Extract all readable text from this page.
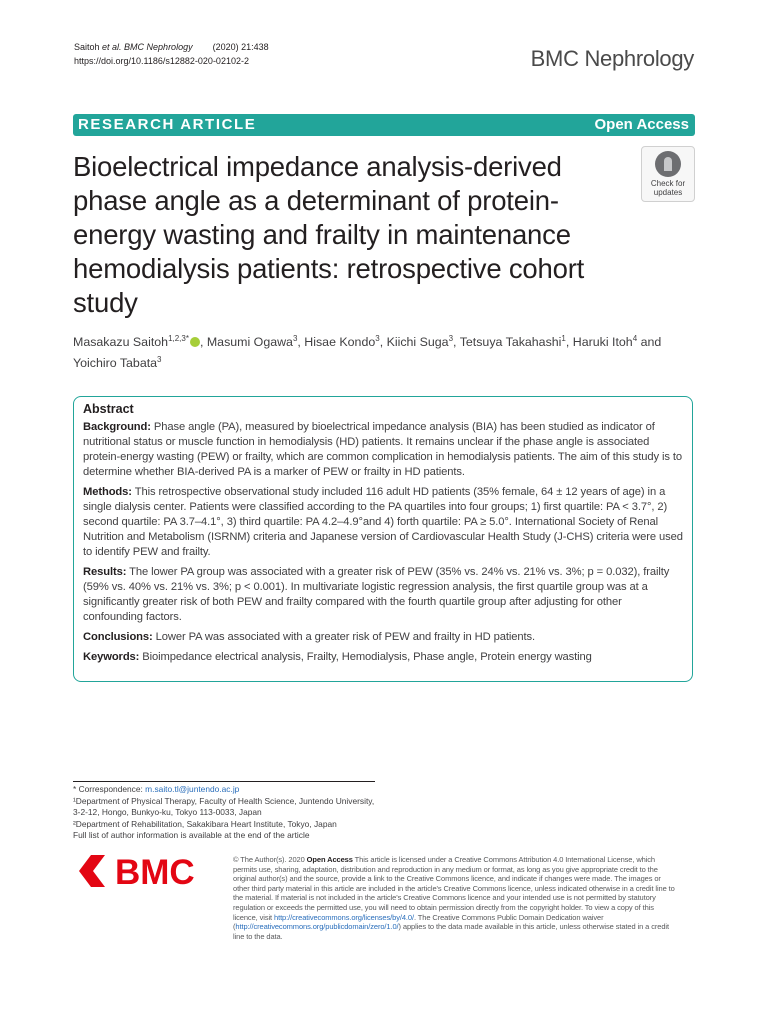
Saitoh et al. BMC Nephrology (2020) 21:438
https://doi.org/10.1186/s12882-020-02102-2	BMC Nephrology
RESEARCH ARTICLE	Open Access
Bioelectrical impedance analysis-derived phase angle as a determinant of protein-energy wasting and frailty in maintenance hemodialysis patients: retrospective cohort study
Check for
updates
Masakazu Saitoh$^{1,2,3*}$ , Masumi Ogawa$^3$, Hisae Kondo$^3$, Kiichi Suga$^3$, Tetsuya Takahashi$^1$, Haruki Itoh$^4$ and Yoichiro Tabata$^3$
Abstract
Background: Phase angle (PA), measured by bioelectrical impedance analysis (BIA) has been studied as indicator of nutritional status or muscle function in hemodialysis (HD) patients. It remains unclear if the phase angle is associated protein-energy wasting (PEW) or frailty, which are common complication in hemodialysis patients. The aim of this study is to determine whether BIA-derived PA is a marker of PEW or frailty in HD patients.
Methods: This retrospective observational study included 116 adult HD patients (35% female, 64 ± 12 years of age) in a single dialysis center. Patients were classified according to the PA quartiles into four groups; 1) first quartile: PA < 3.7°, 2) second quartile: PA 3.7–4.1°, 3) third quartile: PA 4.2–4.9°and 4) forth quartile: PA ≥ 5.0°. International Society of Renal Nutrition and Metabolism (ISRNM) criteria and Japanese version of Cardiovascular Health Study (J-CHS) criteria were used to identify PEW and frailty.
Results: The lower PA group was associated with a greater risk of PEW (35% vs. 24% vs. 21% vs. 3%; p = 0.032), frailty (59% vs. 40% vs. 21% vs. 3%; p < 0.001). In multivariate logistic regression analysis, the first quartile group was at a significantly greater risk of both PEW and frailty compared with the fourth quartile group after adjusting for other confounding factors.
Conclusions: Lower PA was associated with a greater risk of PEW and frailty in HD patients.
Keywords: Bioimpedance electrical analysis, Frailty, Hemodialysis, Phase angle, Protein energy wasting
* Correspondence: m.saito.tl@juntendo.ac.jp
¹Department of Physical Therapy, Faculty of Health Science, Juntendo University, 3-2-12, Hongo, Bunkyo-ku, Tokyo 113-0033, Japan
²Department of Rehabilitation, Sakakibara Heart Institute, Tokyo, Japan
Full list of author information is available at the end of the article
BMC	© The Author(s). 2020 Open Access This article is licensed under a Creative Commons Attribution 4.0 International License, which permits use, sharing, adaptation, distribution and reproduction in any medium or format, as long as you give appropriate credit to the original author(s) and the source, provide a link to the Creative Commons licence, and indicate if changes were made. The images or other third party material in this article are included in the article's Creative Commons licence, unless indicated otherwise in a credit line to the material. If material is not included in the article's Creative Commons licence and your intended use is not permitted by statutory regulation or exceeds the permitted use, you will need to obtain permission directly from the copyright holder. To view a copy of this licence, visit http://creativecommons.org/licenses/by/4.0/. The Creative Commons Public Domain Dedication waiver (http://creativecommons.org/publicdomain/zero/1.0/) applies to the data made available in this article, unless otherwise stated in a credit line to the data.
